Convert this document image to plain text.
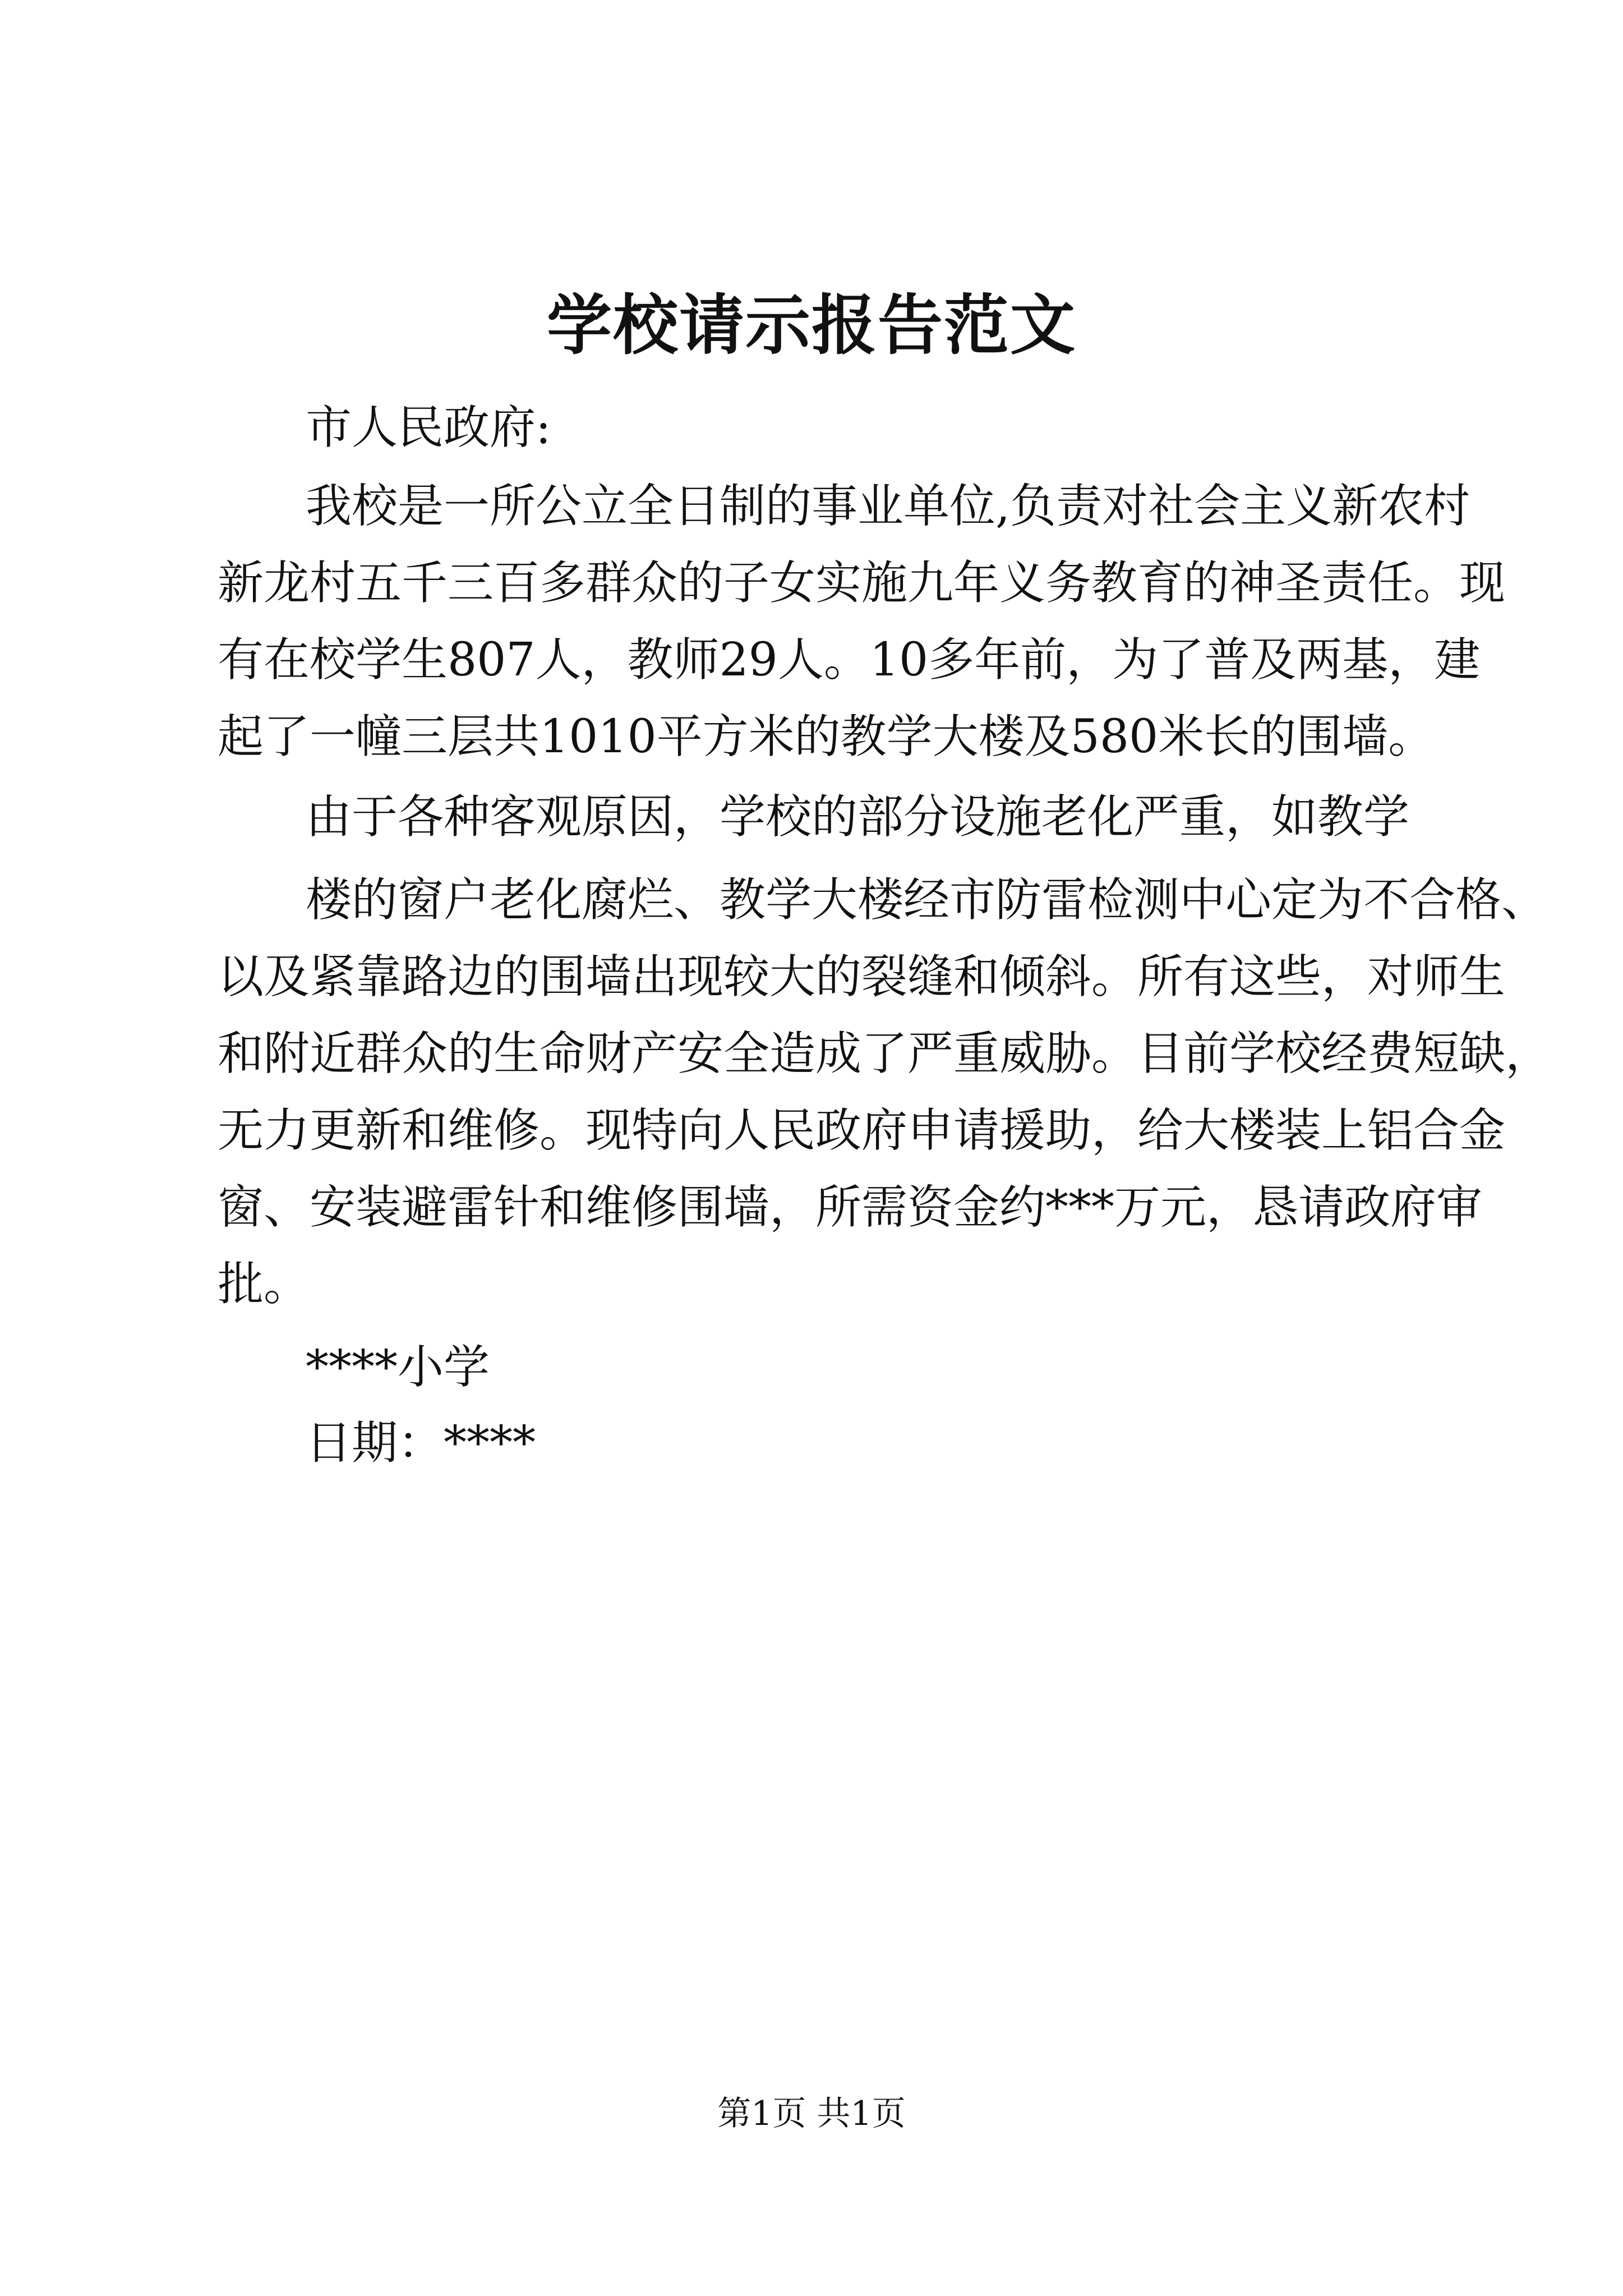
学校请示报告范文
市人民政府:
我校是一所公立全日制的事业单位,负责对社会主义新农村
新龙村五千三百多群众的子女实施九年义务教育的神圣责任。现
有在校学生807人，教师29人。10多年前，为了普及两基，建
起了一幢三层共1010平方米的教学大楼及580米长的围墙。
由于各种客观原因，学校的部分设施老化严重，如教学
楼的窗户老化腐烂、教学大楼经市防雷检测中心定为不合格、
以及紧靠路边的围墙出现较大的裂缝和倾斜。所有这些，对师生
和附近群众的生命财产安全造成了严重威胁。目前学校经费短缺，
无力更新和维修。现特向人民政府申请援助，给大楼装上铝合金
窗、安装避雷针和维修围墙，所需资金约***万元，恳请政府审
批。
****小学
日期：****
第1页 共1页
